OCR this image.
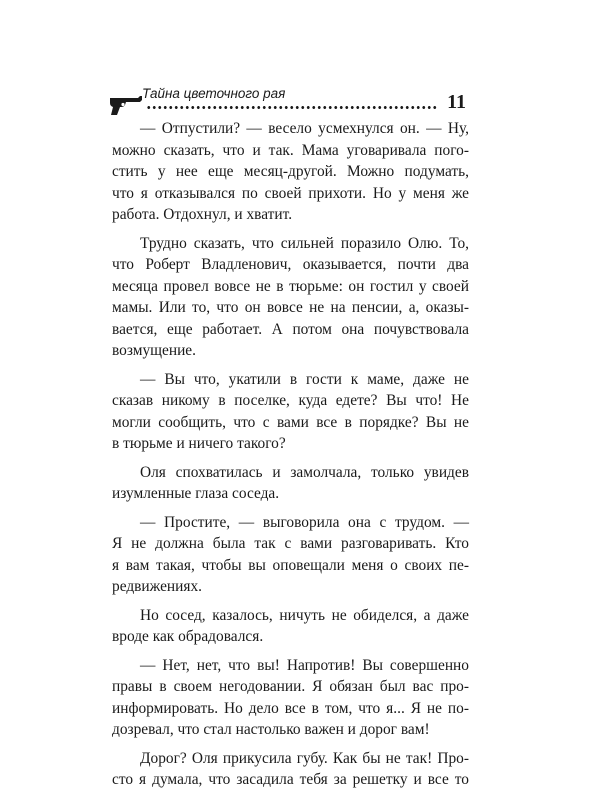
Тайна цветочного рая	11
— Отпустили? — весело усмехнулся он. — Ну,
можно сказать, что и так. Мама уговаривала пого-
стить у нее еще месяц-другой. Можно подумать,
что я отказывался по своей прихоти. Но у меня же
работа. Отдохнул, и хватит.
Трудно сказать, что сильней поразило Олю. То,
что Роберт Владленович, оказывается, почти два
месяца провел вовсе не в тюрьме: он гостил у своей
мамы. Или то, что он вовсе не на пенсии, а, оказы-
вается, еще работает. А потом она почувствовала
возмущение.
— Вы что, укатили в гости к маме, даже не
сказав никому в поселке, куда едете? Вы что! Не
могли сообщить, что с вами все в порядке? Вы не
в тюрьме и ничего такого?
Оля спохватилась и замолчала, только увидев
изумленные глаза соседа.
— Простите, — выговорила она с трудом. —
Я не должна была так с вами разговаривать. Кто
я вам такая, чтобы вы оповещали меня о своих пе-
редвижениях.
Но сосед, казалось, ничуть не обиделся, а даже
вроде как обрадовался.
— Нет, нет, что вы! Напротив! Вы совершенно
правы в своем негодовании. Я обязан был вас про-
информировать. Но дело все в том, что я... Я не по-
дозревал, что стал настолько важен и дорог вам!
Дорог? Оля прикусила губу. Как бы не так! Про-
сто я думала, что засадила тебя за решетку и все то
